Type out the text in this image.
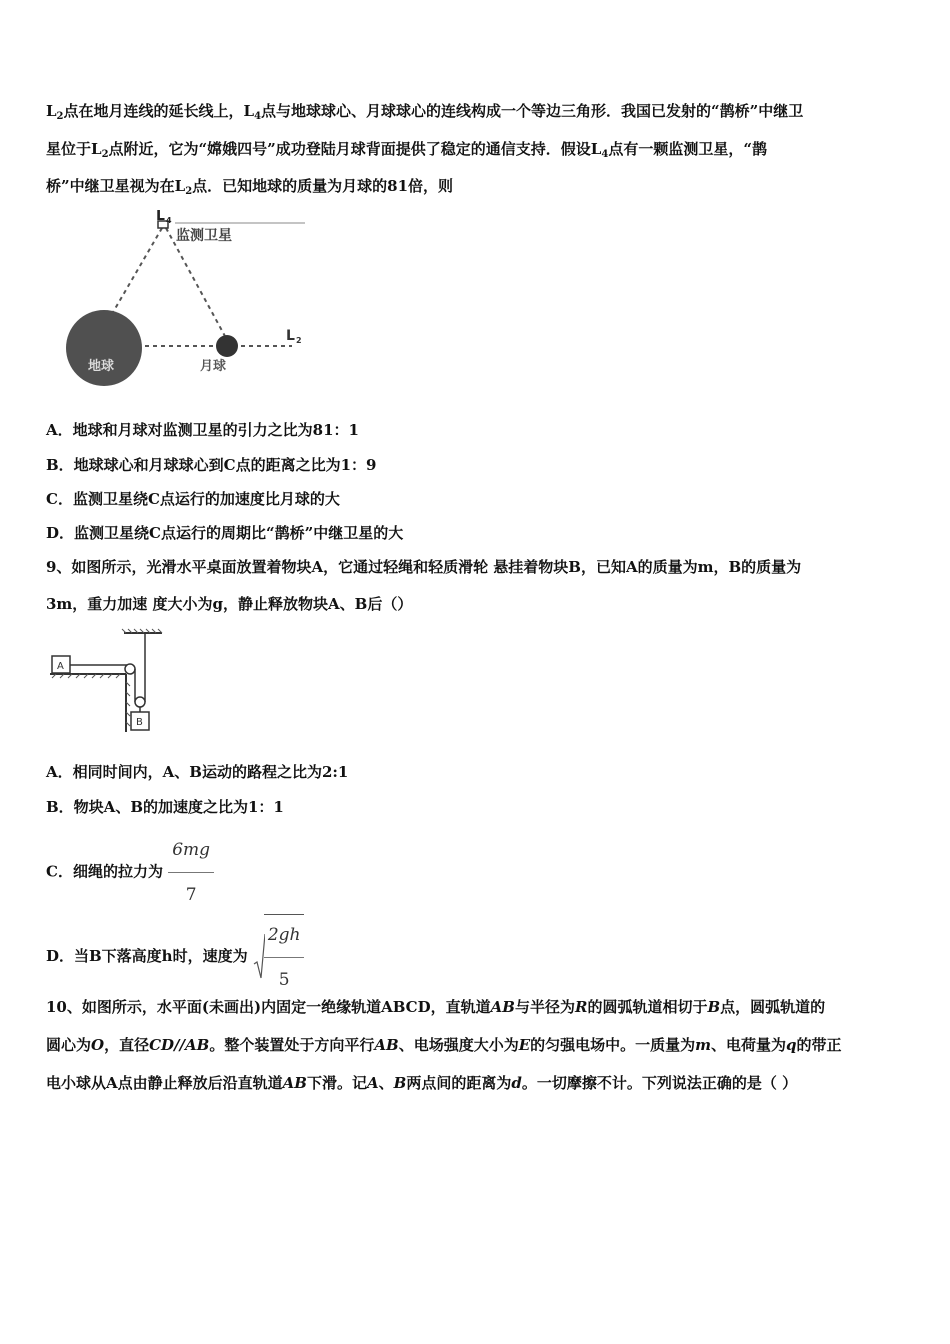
$L_2$点在地月连线的延长线上，$L_4$点与地球球心、月球球心的连线构成一个等边三角形．我国已发射的“鹊桥”中继卫
星位于$L_2$点附近，它为“嫦娥四号”成功登陆月球背面提供了稳定的通信支持．假设$L_4$点有一颗监测卫星，“鹊
桥”中继卫星视为在$L_2$点．已知地球的质量为月球的81倍，则
L 4
监测卫星
地球	月球
L 2
A．地球和月球对监测卫星的引力之比为81：1
B．地球球心和月球球心到C点的距离之比为1：9
C．监测卫星绕C点运行的加速度比月球的大
D．监测卫星绕C点运行的周期比“鹊桥”中继卫星的大
9、如图所示，光滑水平桌面放置着物块A，它通过轻绳和轻质滑轮 悬挂着物块B，已知A的质量为m，B的质量为
3m，重力加速 度大小为g，静止释放物块A、B后（）
A
B
A．相同时间内，A、B运动的路程之比为2:1
B．物块A、B的加速度之比为1：1
C．细绳的拉力为 $\frac{6mg}{7}$
D．当B下落高度h时，速度为 $\frac{2gh}{5}$
10、如图所示，水平面(未画出)内固定一绝缘轨道ABCD，直轨道AB与半径为R的圆弧轨道相切于B点，圆弧轨道的
圆心为O，直径CD//AB。整个装置处于方向平行AB、电场强度大小为E的匀强电场中。一质量为m、电荷量为q的带正
电小球从A点由静止释放后沿直轨道AB下滑。记A、B两点间的距离为d。一切摩擦不计。下列说法正确的是（ ）
